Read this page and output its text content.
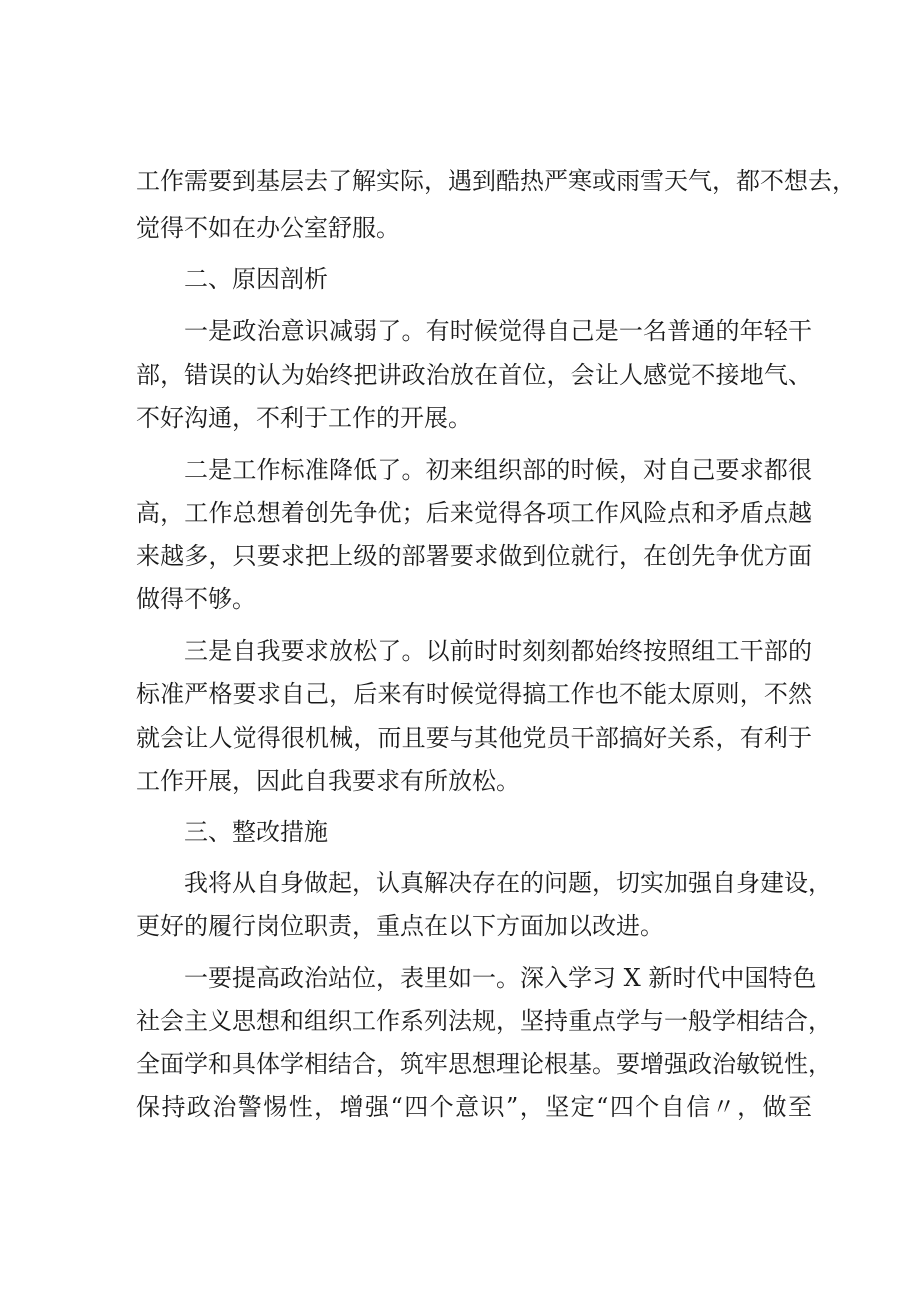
工作需要到基层去了解实际，遇到酷热严寒或雨雪天气，都不想去，
觉得不如在办公室舒服。
二、原因剖析
一是政治意识减弱了。有时候觉得自己是一名普通的年轻干
部，错误的认为始终把讲政治放在首位，会让人感觉不接地气、
不好沟通，不利于工作的开展。
二是工作标准降低了。初来组织部的时候，对自己要求都很
高，工作总想着创先争优；后来觉得各项工作风险点和矛盾点越
来越多，只要求把上级的部署要求做到位就行，在创先争优方面
做得不够。
三是自我要求放松了。以前时时刻刻都始终按照组工干部的
标准严格要求自己，后来有时候觉得搞工作也不能太原则，不然
就会让人觉得很机械，而且要与其他党员干部搞好关系，有利于
工作开展，因此自我要求有所放松。
三、整改措施
我将从自身做起，认真解决存在的问题，切实加强自身建设，
更好的履行岗位职责，重点在以下方面加以改进。
一要提高政治站位，表里如一。深入学习 X 新时代中国特色
社会主义思想和组织工作系列法规，坚持重点学与一般学相结合，
全面学和具体学相结合，筑牢思想理论根基。要增强政治敏锐性，
保持政治警惕性，增强“四个意识”，坚定“四个自信〃，做至
